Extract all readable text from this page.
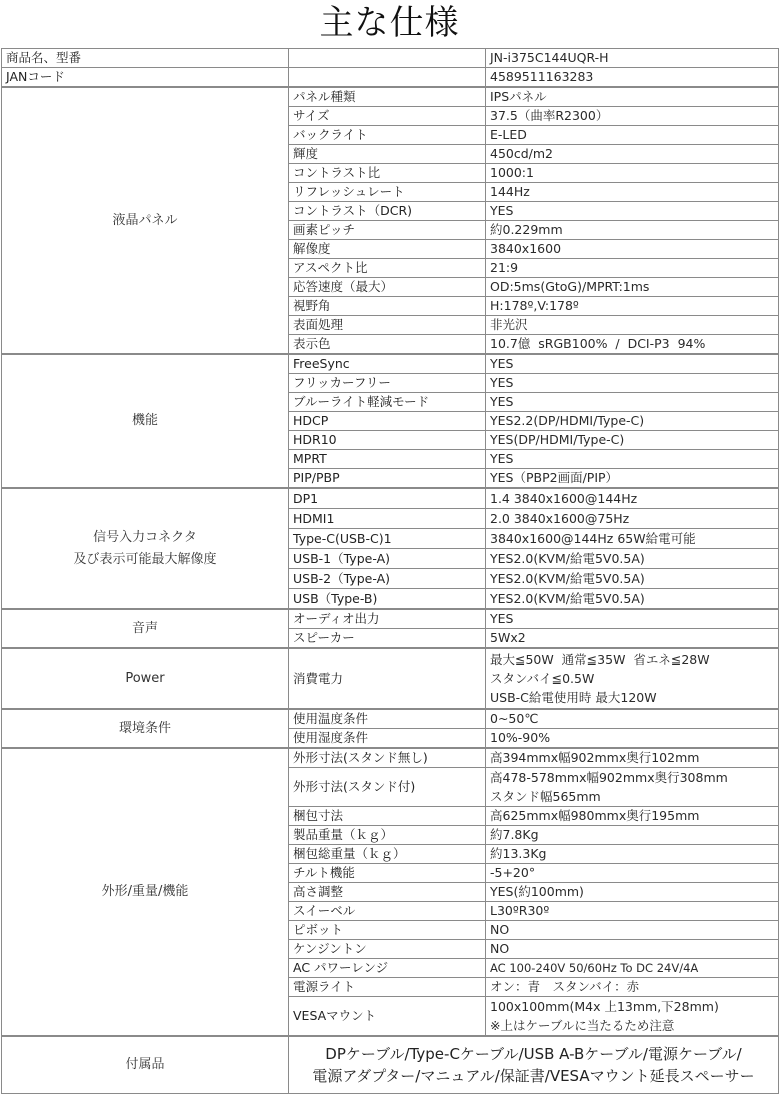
主な仕様
商品名、型番		JN-i375C144UQR-H
JANコード		4589511163283
液晶パネル	パネル種類	IPSパネル
	サイズ	37.5（曲率R2300）
	バックライト	E-LED
	輝度	450cd/m2
	コントラスト比	1000:1
	リフレッシュレート	144Hz
	コントラスト（DCR)	YES
	画素ピッチ	約0.229mm
	解像度	3840x1600
	アスペクト比	21:9
	応答速度（最大）	OD:5ms(GtoG)/MPRT:1ms
	視野角	H:178º,V:178º
	表面処理	非光沢
	表示色	10.7億  sRGB100%  /  DCI-P3  94%
機能	FreeSync	YES
	フリッカーフリー	YES
	ブルーライト軽減モード	YES
	HDCP	YES2.2(DP/HDMI/Type-C)
	HDR10	YES(DP/HDMI/Type-C)
	MPRT	YES
	PIP/PBP	YES（PBP2画面/PIP）

信号入力コネクタ
及び表示可能最大解像度	DP1	1.4 3840x1600@144Hz
	HDMI1	2.0 3840x1600@75Hz
	Type-C(USB-C)1	3840x1600@144Hz 65W給電可能
	USB-1（Type-A)	YES2.0(KVM/給電5V0.5A)
	USB-2（Type-A)	YES2.0(KVM/給電5V0.5A)
	USB（Type-B)	YES2.0(KVM/給電5V0.5A)
音声	オーディオ出力	YES
	スピーカー	5Wx2
Power	消費電力	最大≦50W  通常≦35W  省エネ≦28W
スタンバイ≦0.5W
USB-C給電使用時 最大120W

環境条件	使用温度条件	0~50℃
	使用湿度条件	10%-90%
外形/重量/機能	外形寸法(スタンド無し)	高394mmx幅902mmx奥行102mm
	外形寸法(スタンド付)	高478-578mmx幅902mmx奥行308mm
スタンド幅565mm

	梱包寸法	高625mmx幅980mmx奥行195mm
	製品重量（ｋｇ）	約7.8Kg
	梱包総重量（ｋｇ）	約13.3Kg
	チルト機能	-5+20°
	高さ調整	YES(約100mm)
	スイーベル	L30ºR30º
	ピボット	NO
	ケンジントン	NO
	AC パワーレンジ	AC 100-240V 50/60Hz To DC 24V/4A
	電源ライト	オン：青　スタンバイ：赤
	VESAマウント	100x100mm(M4x 上13mm,下28mm)
※上はケーブルに当たるため注意

付属品	DPケーブル/Type-Cケーブル/USB A-Bケーブル/電源ケーブル/
電源アダプター/マニュアル/保証書/VESAマウント延長スペーサー	
